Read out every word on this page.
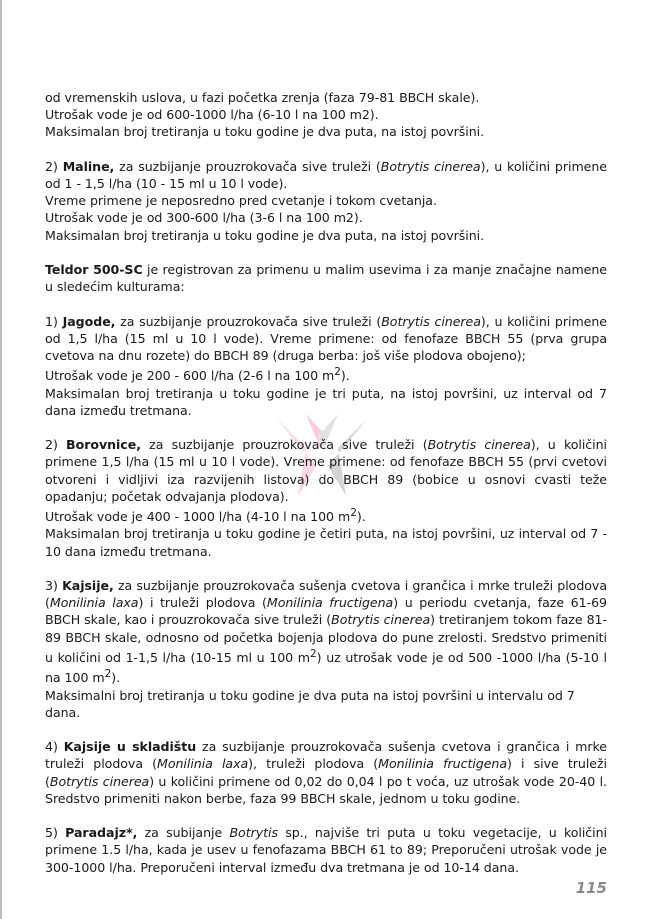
od vremenskih uslova, u fazi početka zrenja (faza 79-81 BBCH skale).
Utrošak vode je od 600-1000 l/ha (6-10 l na 100 m2).
Maksimalan broj tretiranja u toku godine je dva puta, na istoj površini.

2) Maline, za suzbijanje prouzrokovača sive truleži (Botrytis cinerea), u količini primene od 1 - 1,5 l/ha (10 - 15 ml u 10 l vode).
Vreme primene je neposredno pred cvetanje i tokom cvetanja.
Utrošak vode je od 300-600 l/ha (3-6 l na 100 m2).
Maksimalan broj tretiranja u toku godine je dva puta, na istoj površini.

Teldor 500-SC je registrovan za primenu u malim usevima i za manje značajne namene u sledećim kulturama:

1) Jagode, za suzbijanje prouzrokovača sive truleži (Botrytis cinerea), u količini primene od 1,5 l/ha (15 ml u 10 l vode). Vreme primene: od fenofaze BBCH 55 (prva grupa cvetova na dnu rozete) do BBCH 89 (druga berba: još više plodova obojeno);
Utrošak vode je 200 - 600 l/ha (2-6 l na 100 $m^2$).
Maksimalan broj tretiranja u toku godine je tri puta, na istoj površini, uz interval od 7 dana između tretmana.

2) Borovnice, za suzbijanje prouzrokovača sive truleži (Botrytis cinerea), u količini primene 1,5 l/ha (15 ml u 10 l vode). Vreme primene: od fenofaze BBCH 55 (prvi cvetovi otvoreni i vidljivi iza razvijenih listova) do BBCH 89 (bobice u osnovi cvasti teže opadanju; početak odvajanja plodova).
Utrošak vode je 400 - 1000 l/ha (4-10 l na 100 $m^2$).
Maksimalan broj tretiranja u toku godine je četiri puta, na istoj površini, uz interval od 7 - 10 dana između tretmana.

3) Kajsije, za suzbijanje prouzrokovača sušenja cvetova i grančica i mrke truleži plodova (Monilinia laxa) i truleži plodova (Monilinia fructigena) u periodu cvetanja, faze 61-69 BBCH skale, kao i prouzrokovača sive truleži (Botrytis cinerea) tretiranjem tokom faze 81-89 BBCH skale, odnosno od početka bojenja plodova do pune zrelosti. Sredstvo primeniti u količini od 1-1,5 l/ha (10-15 ml u 100 $m^2$) uz utrošak vode je od 500 -1000 l/ha (5-10 l na 100 $m^2$).
Maksimalni broj tretiranja u toku godine je dva puta na istoj površini u intervalu od 7 dana.

4) Kajsije u skladištu za suzbijanje prouzrokovača sušenja cvetova i grančica i mrke truleži plodova (Monilinia laxa), truleži plodova (Monilinia fructigena) i sive truleži (Botrytis cinerea) u količini primene od 0,02 do 0,04 l po t voća, uz utrošak vode 20-40 l. Sredstvo primeniti nakon berbe, faza 99 BBCH skale, jednom u toku godine.

5) Paradajz*, za subijanje Botrytis sp., najviše tri puta u toku vegetacije, u količini primene 1.5 l/ha, kada je usev u fenofazama BBCH 61 to 89; Preporučeni utrošak vode je 300-1000 l/ha. Preporučeni interval između dva tretmana je od 10-14 dana.

115
